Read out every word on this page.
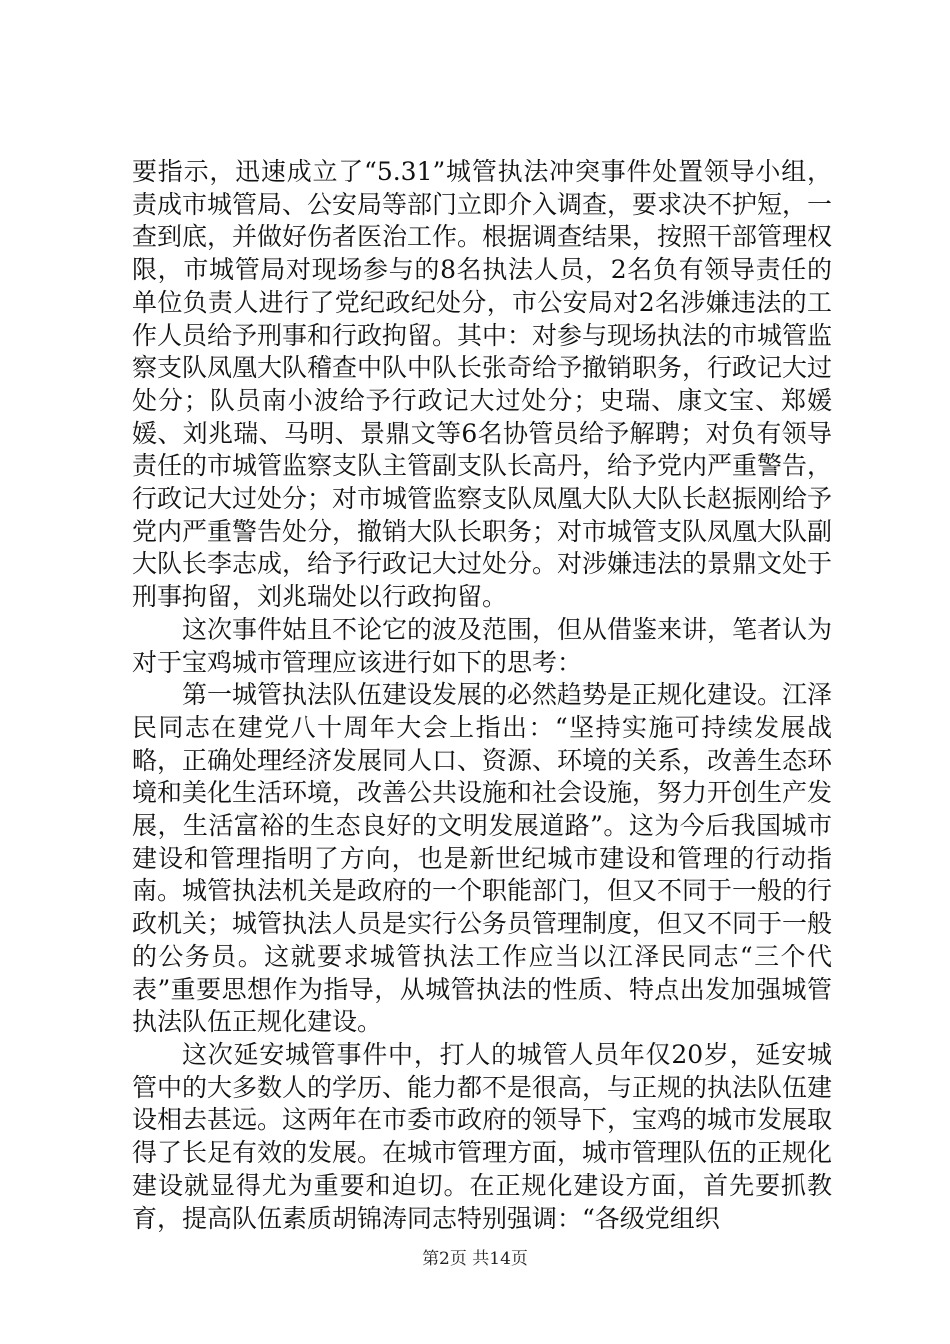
要指示，迅速成立了“5.31”城管执法冲突事件处置领导小组，责成市城管局、公安局等部门立即介入调查，要求决不护短，一查到底，并做好伤者医治工作。根据调查结果，按照干部管理权限，市城管局对现场参与的8名执法人员，2名负有领导责任的单位负责人进行了党纪政纪处分，市公安局对2名涉嫌违法的工作人员给予刑事和行政拘留。其中：对参与现场执法的市城管监察支队凤凰大队稽查中队中队长张奇给予撤销职务，行政记大过处分；队员南小波给予行政记大过处分；史瑞、康文宝、郑媛媛、刘兆瑞、马明、景鼎文等6名协管员给予解聘；对负有领导责任的市城管监察支队主管副支队长高丹，给予党内严重警告，行政记大过处分；对市城管监察支队凤凰大队大队长赵振刚给予党内严重警告处分，撤销大队长职务；对市城管支队凤凰大队副大队长李志成，给予行政记大过处分。对涉嫌违法的景鼎文处于刑事拘留，刘兆瑞处以行政拘留。

这次事件姑且不论它的波及范围，但从借鉴来讲，笔者认为对于宝鸡城市管理应该进行如下的思考：

第一城管执法队伍建设发展的必然趋势是正规化建设。江泽民同志在建党八十周年大会上指出：“坚持实施可持续发展战略，正确处理经济发展同人口、资源、环境的关系，改善生态环境和美化生活环境，改善公共设施和社会设施，努力开创生产发展，生活富裕的生态良好的文明发展道路”。这为今后我国城市建设和管理指明了方向，也是新世纪城市建设和管理的行动指南。城管执法机关是政府的一个职能部门，但又不同于一般的行政机关；城管执法人员是实行公务员管理制度，但又不同于一般的公务员。这就要求城管执法工作应当以江泽民同志“三个代表”重要思想作为指导，从城管执法的性质、特点出发加强城管执法队伍正规化建设。

这次延安城管事件中，打人的城管人员年仅20岁，延安城管中的大多数人的学历、能力都不是很高，与正规的执法队伍建设相去甚远。这两年在市委市政府的领导下，宝鸡的城市发展取得了长足有效的发展。在城市管理方面，城市管理队伍的正规化建设就显得尤为重要和迫切。在正规化建设方面，首先要抓教育，提高队伍素质胡锦涛同志特别强调：“各级党组织

第2页 共14页
